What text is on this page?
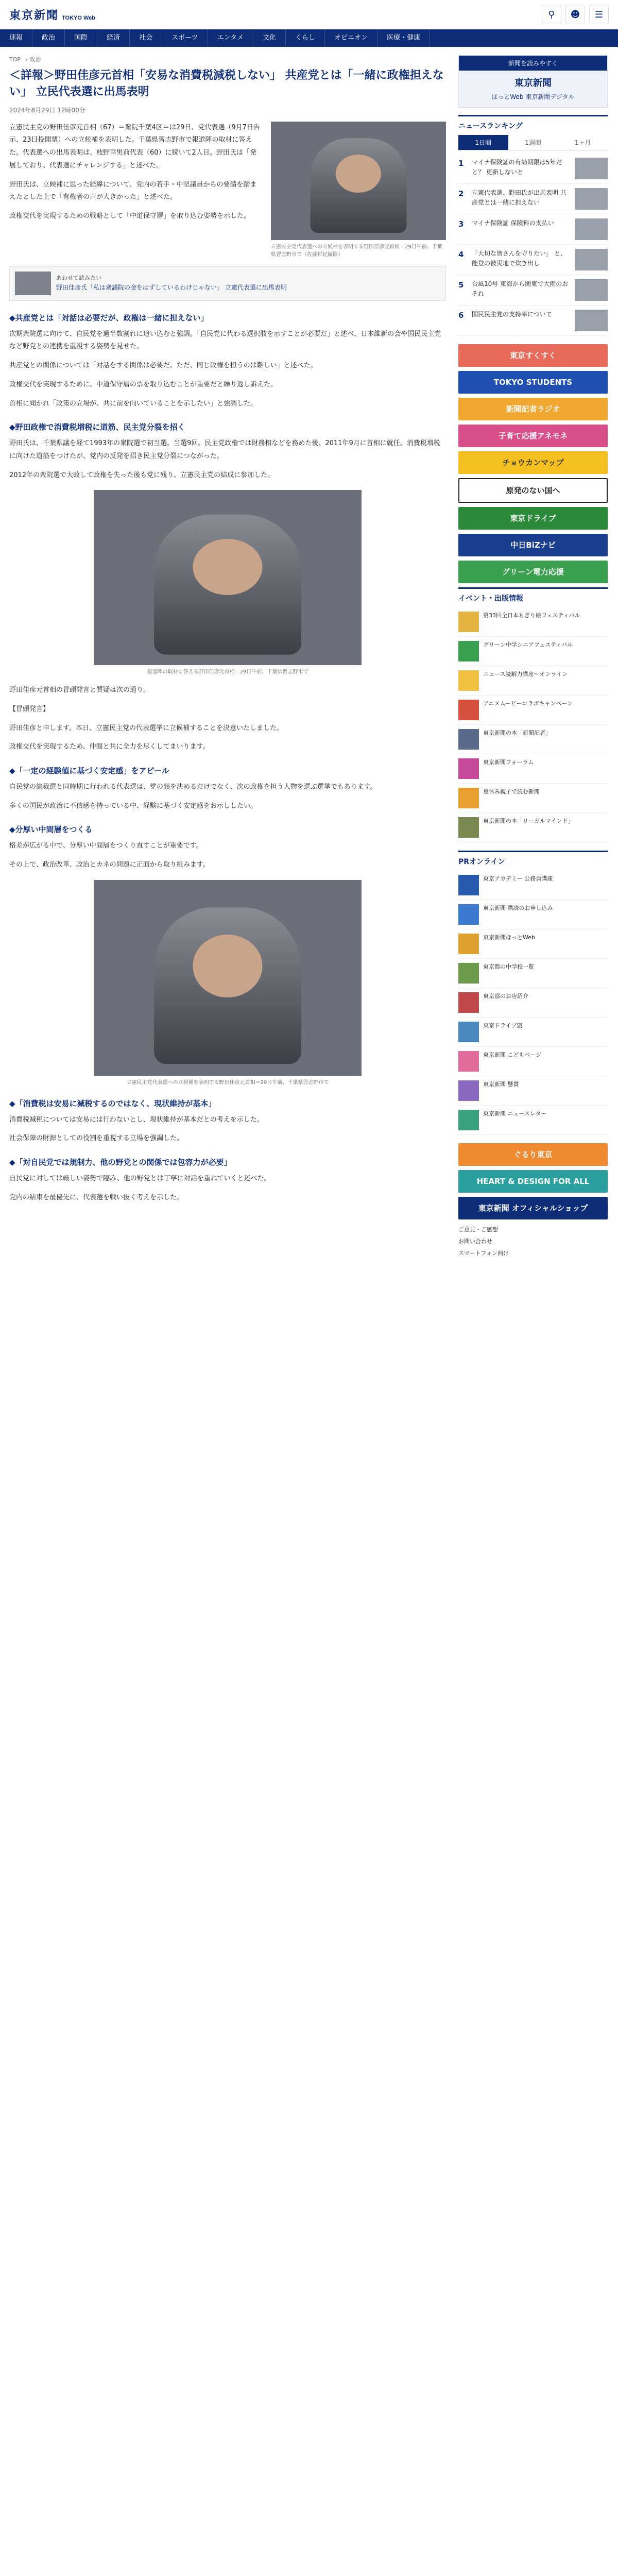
東京新聞 TOKYO Web	⚲	☻	☰
速報	政治	国際	経済	社会	スポーツ	エンタメ	文化	くらし	オピニオン	医療・健康
TOP › 政治
＜詳報＞野田佳彦元首相「安易な消費税減税しない」 共産党とは「一緒に政権担えない」 立民代表選に出馬表明
2024年8月29日 12時00分

立憲民主党の野田佳彦元首相（67）＝衆院千葉4区＝は29日、党代表選（9月7日告示、23日投開票）への立候補を表明した。千葉県習志野市で報道陣の取材に答えた。代表選への出馬表明は、枝野幸男前代表（60）に続いて2人目。野田氏は「発展しており、代表選にチャレンジする」と述べた。

野田氏は、立候補に思った経緯について、党内の若手・中堅議員からの要請を踏まえたとした上で「有権者の声が大きかった」と述べた。

政権交代を実現するための戦略として「中道保守層」を取り込む姿勢を示した。

立憲民主党代表選への立候補を表明する野田佳彦元首相＝29日午前、千葉県習志野市で（佐藤哲紀撮影）
あわせて読みたい
野田佳彦氏「私は衆議院の金をはずしているわけじゃない」 立憲代表選に出馬表明
◆共産党とは「対話は必要だが、政権は一緒に担えない」

次期衆院選に向けて、自民党を過半数割れに追い込むと強調。「自民党に代わる選択肢を示すことが必要だ」と述べ、日本維新の会や国民民主党など野党との連携を重視する姿勢を見せた。

共産党との関係については「対話をする関係は必要だ。ただ、同じ政権を担うのは難しい」と述べた。

政権交代を実現するために、中道保守層の票を取り込むことが重要だと繰り返し訴えた。

首相に聞かれ「政策の立場が、共に前を向いていることを示したい」と強調した。

◆野田政権で消費税増税に道筋、民主党分裂を招く

野田氏は、千葉県議を経て1993年の衆院選で初当選。当選9回。民主党政権では財務相などを務めた後、2011年9月に首相に就任。消費税増税に向けた道筋をつけたが、党内の反発を招き民主党分裂につながった。

2012年の衆院選で大敗して政権を失った後も党に残り、立憲民主党の結成に参加した。

報道陣の取材に答える野田佳彦元首相＝29日午前、千葉県習志野市で

野田佳彦元首相の冒頭発言と質疑は次の通り。

【冒頭発言】

野田佳彦と申します。本日、立憲民主党の代表選挙に立候補することを決意いたしました。

政権交代を実現するため、仲間と共に全力を尽くしてまいります。

◆「一定の経験値に基づく安定感」をアピール

自民党の総裁選と同時期に行われる代表選は、党の顔を決めるだけでなく、次の政権を担う人物を選ぶ選挙でもあります。

多くの国民が政治に不信感を持っている中、経験に基づく安定感をお示ししたい。

◆分厚い中間層をつくる

格差が広がる中で、分厚い中間層をつくり直すことが重要です。

その上で、政治改革、政治とカネの問題に正面から取り組みます。

立憲民主党代表選への立候補を表明する野田佳彦元首相＝29日午前、千葉県習志野市で
◆「消費税は安易に減税するのではなく、現状維持が基本」

消費税減税については安易には行わないとし、現状維持が基本だとの考えを示した。

社会保障の財源としての役割を重視する立場を強調した。

◆「対自民党では規制力、他の野党との関係では包容力が必要」

自民党に対しては厳しい姿勢で臨み、他の野党とは丁寧に対話を重ねていくと述べた。

党内の結束を最優先に、代表選を戦い抜く考えを示した。

新聞を読みやすく
東京新聞
ほっとWeb 東京新聞デジタル
ニュースランキング
1日間	1週間	1ヶ月
1	マイナ保険証の有効期限は5年だと？ 更新しないと
2	立憲代表選、野田氏が出馬表明 共産党とは一緒に担えない
3	マイナ保険証 保険料の支払い
4	「大切な皆さんを守りたい」 と、能登の被災地で炊き出し
5	台風10号 東海から関東で大雨のおそれ
6	国民民主党の支持率について
東京すくすく
TOKYO STUDENTS
新聞記者ラジオ
子育て応援アネモネ
チョウカンマップ
原発のない国へ
東京ドライブ
中日BiZナビ
グリーン電力応援
イベント・出版情報
第33回全日本ちぎり絵フェスティバル
グリーン中学シニアフェスティバル
ニュース読解力講座〜オンライン
アニメムービーコラボキャンペーン
東京新聞の本「新聞記者」
東京新聞フォーラム
夏休み親子で読む新聞
東京新聞の本「リーガルマインド」
PRオンライン
東京アカデミー 公務員講座
東京新聞 購読のお申し込み
東京新聞ほっとWeb
東京都の中学校一覧
東京都のお店紹介
東京ドライブ旅
東京新聞 こどもページ
東京新聞 懸賞
東京新聞 ニュースレター
ぐるり東京
HEART & DESIGN FOR ALL
東京新聞 オフィシャルショップ
ご意見・ご感想
お問い合わせ
スマートフォン向け
